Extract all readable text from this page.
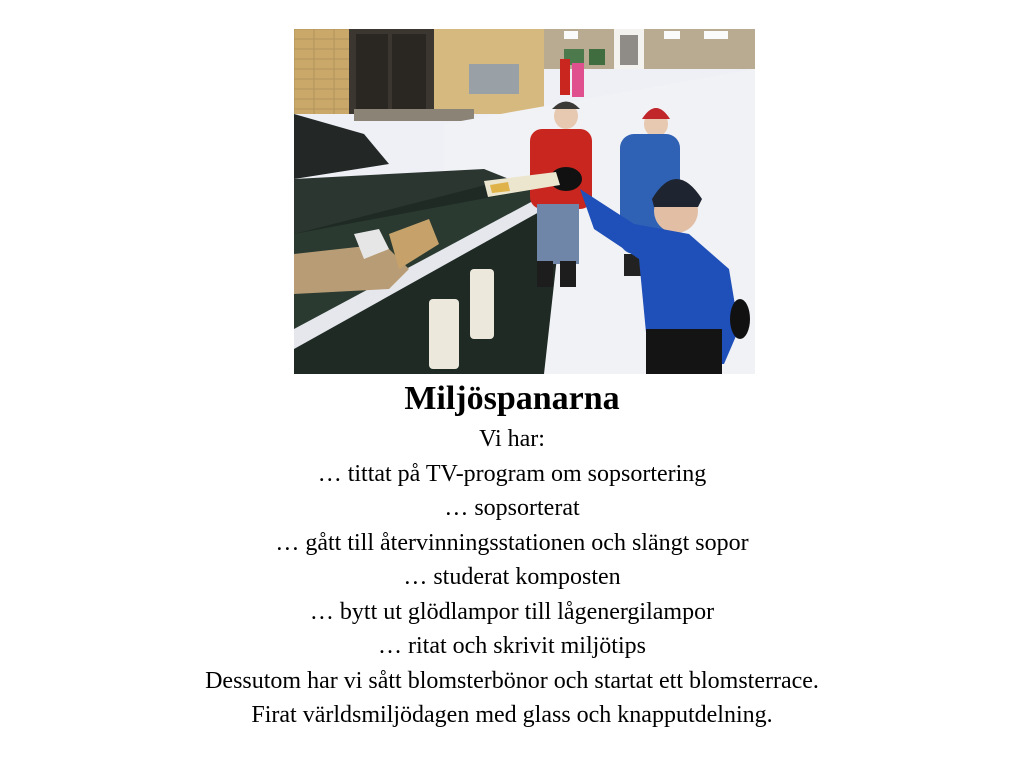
Miljöspanarna

Vi har:

… tittat på TV-program om sopsortering

… sopsorterat

… gått till återvinningsstationen och slängt sopor

… studerat komposten

… bytt ut glödlampor till lågenergilampor

… ritat och skrivit miljötips

Dessutom har vi sått blomsterbönor och startat ett blomsterrace.

Firat världsmiljödagen med glass och knapputdelning.
